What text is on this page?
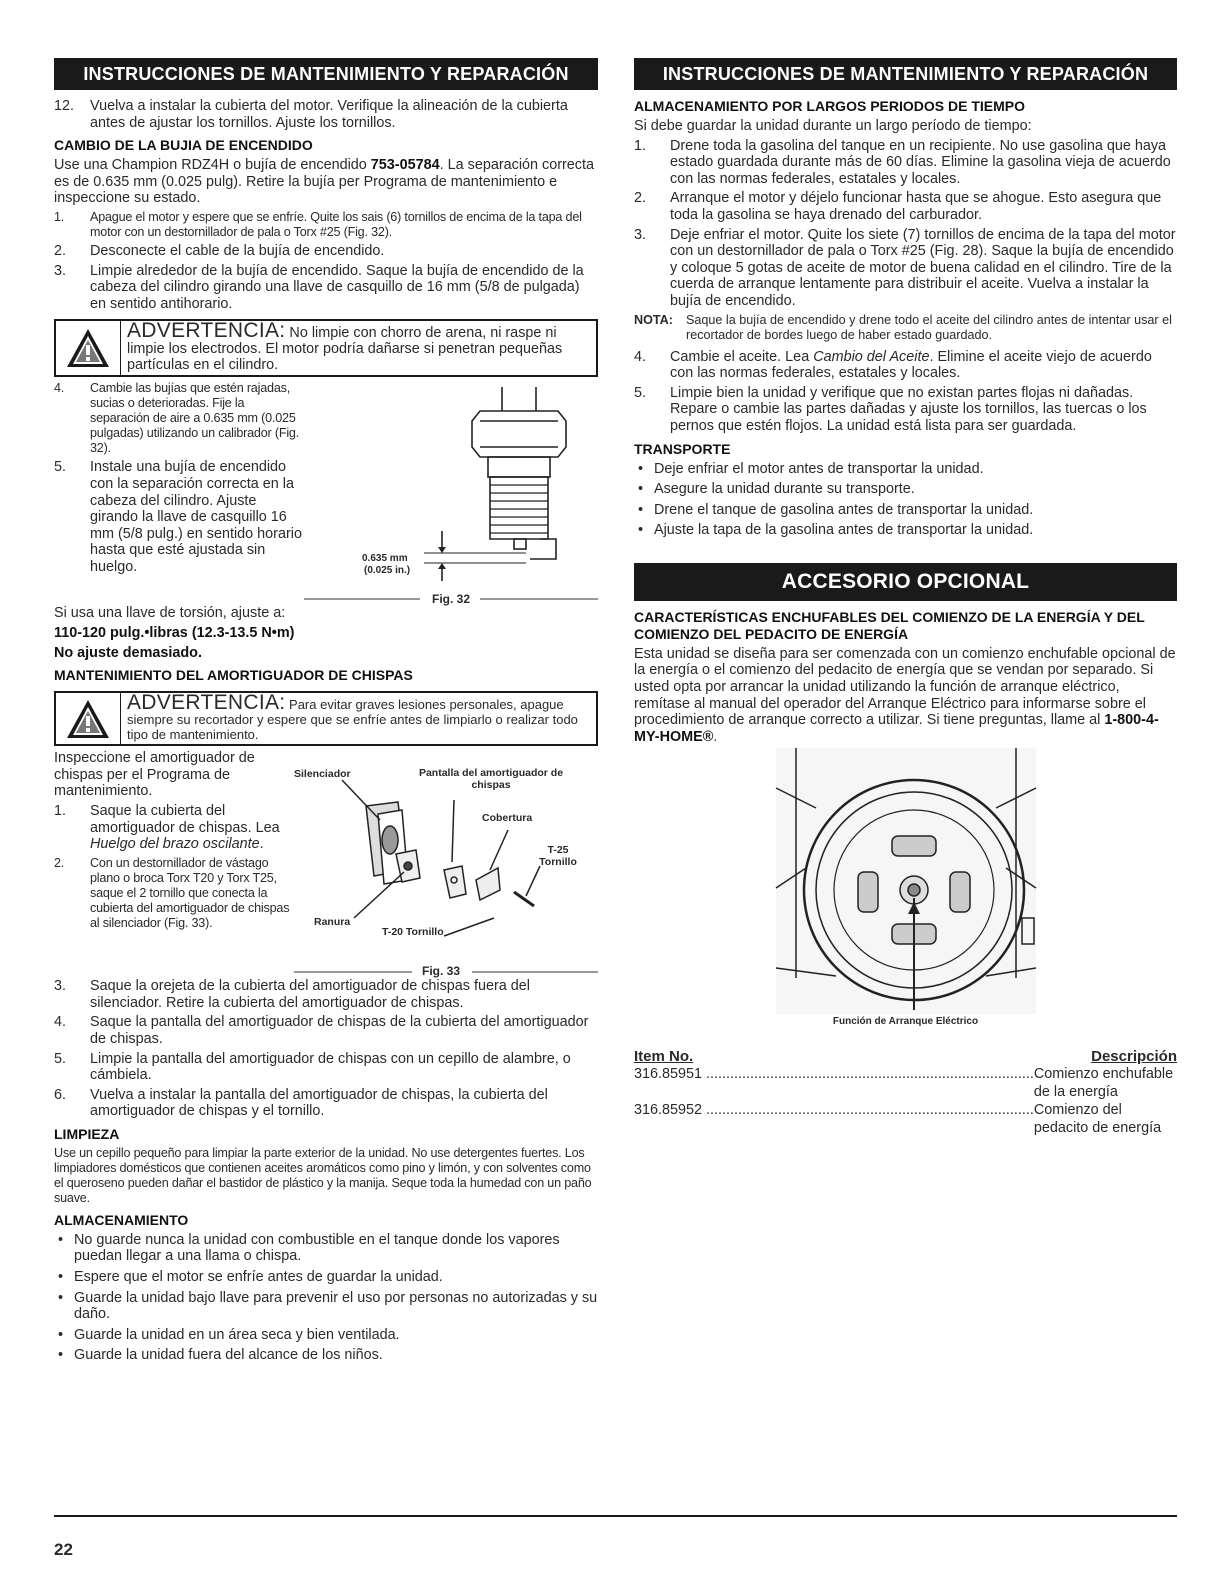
INSTRUCCIONES DE MANTENIMIENTO Y REPARACIÓN
12.	Vuelva a instalar la cubierta del motor. Verifique la alineación de la cubierta antes de ajustar los tornillos. Ajuste los tornillos.
CAMBIO DE LA BUJIA DE ENCENDIDO

Use una Champion RDZ4H o bujía de encendido 753-05784. La separación correcta es de 0.635 mm (0.025 pulg). Retire la bujía per Programa de mantenimiento e inspeccione su estado.

1.	Apague el motor y espere que se enfríe. Quite los sais (6) tornillos de encima de la tapa del motor con un destornillador de pala o Torx #25 (Fig. 32).
2.	Desconecte el cable de la bujía de encendido.
3.	Limpie alrededor de la bujía de encendido. Saque la bujía de encendido de la cabeza del cilindro girando una llave de casquillo de 16 mm (5/8 de pulgada) en sentido antihorario.
ADVERTENCIA: No limpie con chorro de arena, ni raspe ni limpie los electrodos. El motor podría dañarse si penetran pequeñas partículas en el cilindro.
4.	Cambie las bujías que estén rajadas, sucias o deterioradas. Fije la separación de aire a 0.635 mm (0.025 pulgadas) utilizando un calibrador (Fig. 32).
5.	Instale una bujía de encendido con la separación correcta en la cabeza del cilindro. Ajuste girando la llave de casquillo 16 mm (5/8 pulg.) en sentido horario hasta que esté ajustada sin huelgo.
0.635 mm
(0.025 in.)
Fig. 32

Si usa una llave de torsión, ajuste a:

110-120 pulg.•libras (12.3-13.5 N•m)

No ajuste demasiado.

MANTENIMIENTO DEL AMORTIGUADOR DE CHISPAS
ADVERTENCIA: Para evitar graves lesiones personales, apague siempre su recortador y espere que se enfríe antes de limpiarlo o realizar todo tipo de mantenimiento.

Inspeccione el amortiguador de chispas per el Programa de mantenimiento.

1.	Saque la cubierta del amortiguador de chispas. Lea Huelgo del brazo oscilante.
2.	Con un destornillador de vástago plano o broca Torx T20 y Torx T25, saque el 2 tornillo que conecta la cubierta del amortiguador de chispas al silenciador (Fig. 33).
Silenciador	Pantalla del amortiguador de chispas
Cobertura
T-25 Tornillo
Ranura
T-20 Tornillo
Fig. 33
3.	Saque la orejeta de la cubierta del amortiguador de chispas fuera del silenciador. Retire la cubierta del amortiguador de chispas.
4.	Saque la pantalla del amortiguador de chispas de la cubierta del amortiguador de chispas.
5.	Limpie la pantalla del amortiguador de chispas con un cepillo de alambre, o cámbiela.
6.	Vuelva a instalar la pantalla del amortiguador de chispas, la cubierta del amortiguador de chispas y el tornillo.
LIMPIEZA

Use un cepillo pequeño para limpiar la parte exterior de la unidad. No use detergentes fuertes. Los limpiadores domésticos que contienen aceites aromáticos como pino y limón, y con solventes como el queroseno pueden dañar el bastidor de plástico y la manija. Seque toda la humedad con un paño suave.

ALMACENAMIENTO
• No guarde nunca la unidad con combustible en el tanque donde los vapores puedan llegar a una llama o chispa.
• Espere que el motor se enfríe antes de guardar la unidad.
• Guarde la unidad bajo llave para prevenir el uso por personas no autorizadas y su daño.
• Guarde la unidad en un área seca y bien ventilada.
• Guarde la unidad fuera del alcance de los niños.
INSTRUCCIONES DE MANTENIMIENTO Y REPARACIÓN
ALMACENAMIENTO POR LARGOS PERIODOS DE TIEMPO

Si debe guardar la unidad durante un largo período de tiempo:

1.	Drene toda la gasolina del tanque en un recipiente. No use gasolina que haya estado guardada durante más de 60 días. Elimine la gasolina vieja de acuerdo con las normas federales, estatales y locales.
2.	Arranque el motor y déjelo funcionar hasta que se ahogue. Esto asegura que toda la gasolina se haya drenado del carburador.
3.	Deje enfriar el motor. Quite los siete (7) tornillos de encima de la tapa del motor con un destornillador de pala o Torx #25 (Fig. 28). Saque la bujía de encendido y coloque 5 gotas de aceite de motor de buena calidad en el cilindro. Tire de la cuerda de arranque lentamente para distribuir el aceite. Vuelva a instalar la bujía de encendido.
NOTA:	Saque la bujía de encendido y drene todo el aceite del cilindro antes de intentar usar el recortador de bordes luego de haber estado guardado.
4.	Cambie el aceite. Lea Cambio del Aceite. Elimine el aceite viejo de acuerdo con las normas federales, estatales y locales.
5.	Limpie bien la unidad y verifique que no existan partes flojas ni dañadas. Repare o cambie las partes dañadas y ajuste los tornillos, las tuercas o los pernos que estén flojos. La unidad está lista para ser guardada.
TRANSPORTE
• Deje enfriar el motor antes de transportar la unidad.
• Asegure la unidad durante su transporte.
• Drene el tanque de gasolina antes de transportar la unidad.
• Ajuste la tapa de la gasolina antes de transportar la unidad.
ACCESORIO OPCIONAL
CARACTERÍSTICAS ENCHUFABLES DEL COMIENZO DE LA ENERGÍA Y DEL COMIENZO DEL PEDACITO DE ENERGÍA

Esta unidad se diseña para ser comenzada con un comienzo enchufable opcional de la energía o el comienzo del pedacito de energía que se vendan por separado. Si usted opta por arrancar la unidad utilizando la función de arranque eléctrico, remítase al manual del operador del Arranque Eléctrico para informarse sobre el procedimiento de arranque correcto a utilizar. Si tiene preguntas, llame al 1-800-4-MY-HOME®.

Función de Arranque Eléctrico
Item No.	Descripción
316.85951 .................................................................................. Comienzo enchufable de la energía
316.85952 .................................................................................. Comienzo del pedacito de energía
22
